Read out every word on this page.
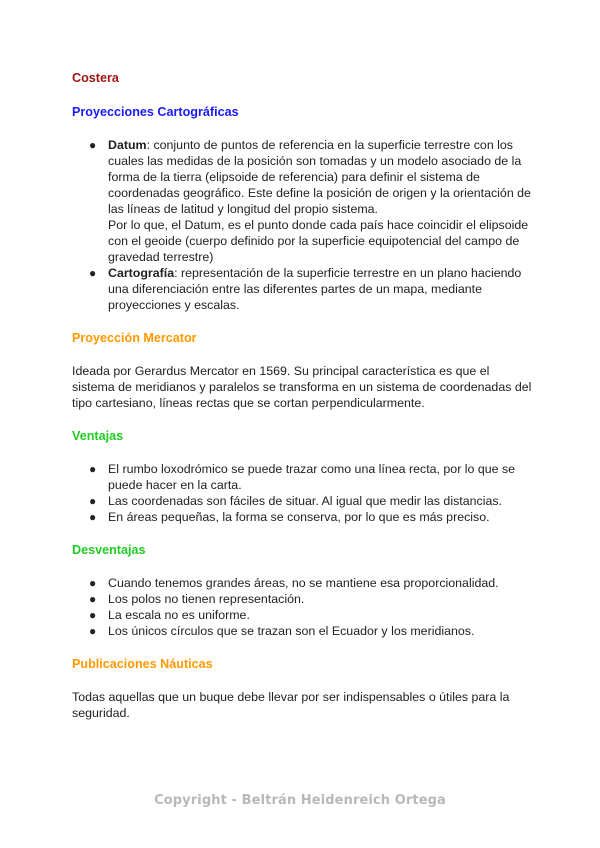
Costera

Proyecciones Cartográficas

● Datum: conjunto de puntos de referencia en la superficie terrestre con los cuales las medidas de la posición son tomadas y un modelo asociado de la forma de la tierra (elipsoide de referencia) para definir el sistema de coordenadas geográfico. Este define la posición de origen y la orientación de las líneas de latitud y longitud del propio sistema.
Por lo que, el Datum, es el punto donde cada país hace coincidir el elipsoide con el geoide (cuerpo definido por la superficie equipotencial del campo de gravedad terrestre)
● Cartografía: representación de la superficie terrestre en un plano haciendo una diferenciación entre las diferentes partes de un mapa, mediante proyecciones y escalas.

Proyección Mercator

Ideada por Gerardus Mercator en 1569. Su principal característica es que el sistema de meridianos y paralelos se transforma en un sistema de coordenadas del tipo cartesiano, líneas rectas que se cortan perpendicularmente.

Ventajas

● El rumbo loxodrómico se puede trazar como una línea recta, por lo que se puede hacer en la carta.
● Las coordenadas son fáciles de situar. Al igual que medir las distancias.
● En áreas pequeñas, la forma se conserva, por lo que es más preciso.

Desventajas

● Cuando tenemos grandes áreas, no se mantiene esa proporcionalidad.
● Los polos no tienen representación.
● La escala no es uniforme.
● Los únicos círculos que se trazan son el Ecuador y los meridianos.

Publicaciones Náuticas

Todas aquellas que un buque debe llevar por ser indispensables o útiles para la seguridad.

Copyright - Beltrán Heidenreich Ortega
